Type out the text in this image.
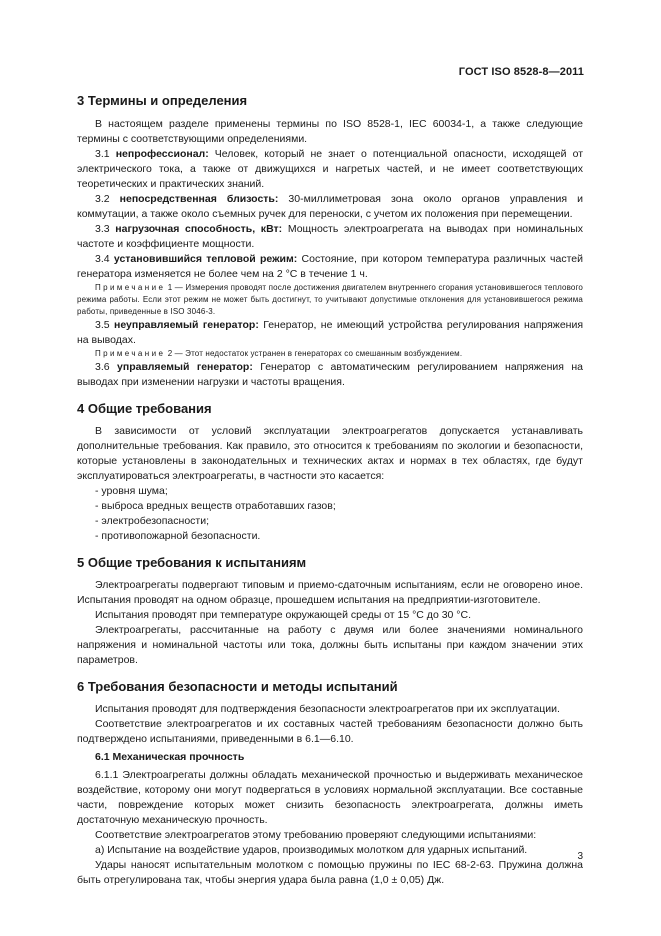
ГОСТ ISO 8528-8—2011
3 Термины и определения

В настоящем разделе применены термины по ISO 8528-1, IEC 60034-1, а также следующие термины с соответствующими определениями.

3.1 непрофессионал: Человек, который не знает о потенциальной опасности, исходящей от электрического тока, а также от движущихся и нагретых частей, и не имеет соответствующих теоретических и практических знаний.

3.2 непосредственная близость: 30-миллиметровая зона около органов управления и коммутации, а также около съемных ручек для переноски, с учетом их положения при перемещении.

3.3 нагрузочная способность, кВт: Мощность электроагрегата на выводах при номинальных частоте и коэффициенте мощности.

3.4 установившийся тепловой режим: Состояние, при котором температура различных частей генератора изменяется не более чем на 2 °С в течение 1 ч.

Примечание 1 — Измерения проводят после достижения двигателем внутреннего сгорания установившегося теплового режима работы. Если этот режим не может быть достигнут, то учитывают допустимые отклонения для установившегося режима работы, приведенные в ISO 3046-3.

3.5 неуправляемый генератор: Генератор, не имеющий устройства регулирования напряжения на выводах.

Примечание 2 — Этот недостаток устранен в генераторах со смешанным возбуждением.

3.6 управляемый генератор: Генератор с автоматическим регулированием напряжения на выводах при изменении нагрузки и частоты вращения.

4 Общие требования

В зависимости от условий эксплуатации электроагрегатов допускается устанавливать дополнительные требования. Как правило, это относится к требованиям по экологии и безопасности, которые установлены в законодательных и технических актах и нормах в тех областях, где будут эксплуатироваться электроагрегаты, в частности это касается:

- уровня шума;
- выброса вредных веществ отработавших газов;
- электробезопасности;
- противопожарной безопасности.
5 Общие требования к испытаниям

Электроагрегаты подвергают типовым и приемо-сдаточным испытаниям, если не оговорено иное. Испытания проводят на одном образце, прошедшем испытания на предприятии-изготовителе.

Испытания проводят при температуре окружающей среды от 15 °С до 30 °С.

Электроагрегаты, рассчитанные на работу с двумя или более значениями номинального напряжения и номинальной частоты или тока, должны быть испытаны при каждом значении этих параметров.

6 Требования безопасности и методы испытаний

Испытания проводят для подтверждения безопасности электроагрегатов при их эксплуатации.

Соответствие электроагрегатов и их составных частей требованиям безопасности должно быть подтверждено испытаниями, приведенными в 6.1—6.10.

6.1 Механическая прочность

6.1.1 Электроагрегаты должны обладать механической прочностью и выдерживать механическое воздействие, которому они могут подвергаться в условиях нормальной эксплуатации. Все составные части, повреждение которых может снизить безопасность электроагрегата, должны иметь достаточную механическую прочность.

Соответствие электроагрегатов этому требованию проверяют следующими испытаниями:

а) Испытание на воздействие ударов, производимых молотком для ударных испытаний.

Удары наносят испытательным молотком с помощью пружины по IEC 68-2-63. Пружина должна быть отрегулирована так, чтобы энергия удара была равна (1,0 ± 0,05) Дж.

3
